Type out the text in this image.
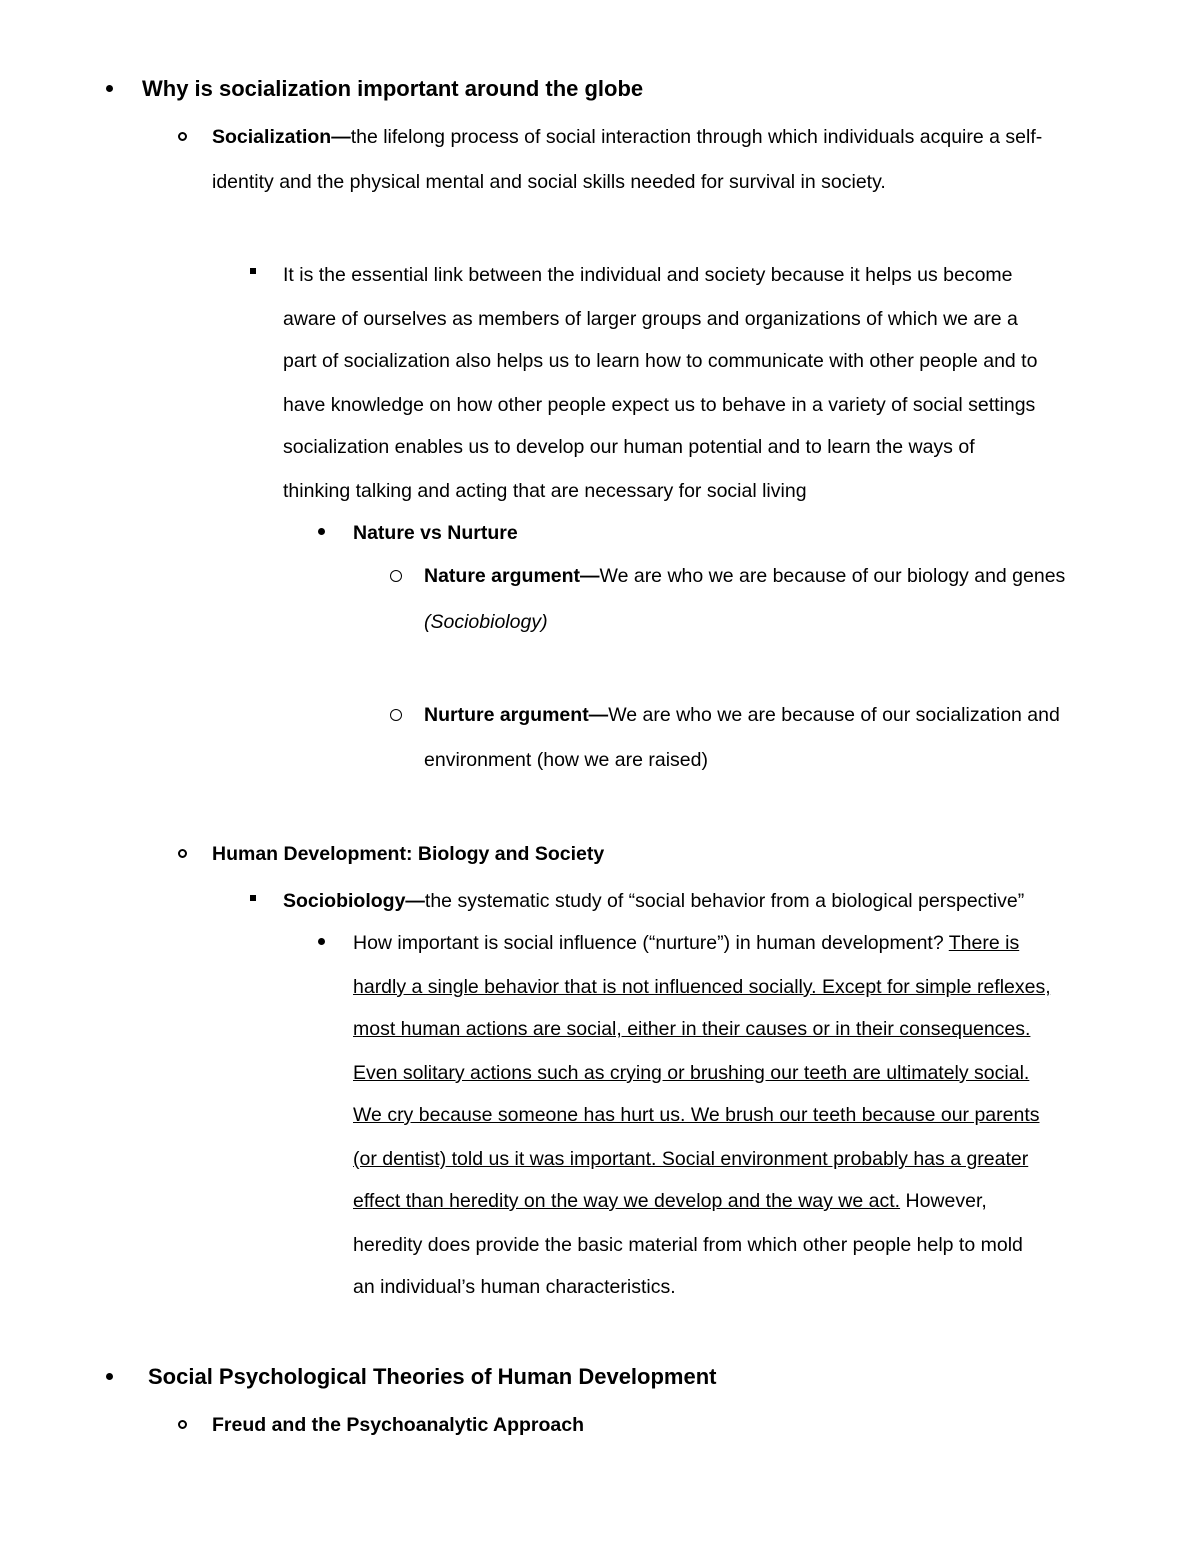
Why is socialization important around the globe
Socialization—the lifelong process of social interaction through which individuals acquire a self-
identity and the physical mental and social skills needed for survival in society.
It is the essential link between the individual and society because it helps us become
aware of ourselves as members of larger groups and organizations of which we are a
part of socialization also helps us to learn how to communicate with other people and to
have knowledge on how other people expect us to behave in a variety of social settings
socialization enables us to develop our human potential and to learn the ways of
thinking talking and acting that are necessary for social living
Nature vs Nurture
Nature argument—We are who we are because of our biology and genes
(Sociobiology)
Nurture argument—We are who we are because of our socialization and
environment (how we are raised)
Human Development: Biology and Society
Sociobiology—the systematic study of “social behavior from a biological perspective”
How important is social influence (“nurture”) in human development? There is
hardly a single behavior that is not influenced socially. Except for simple reflexes,
most human actions are social, either in their causes or in their consequences.
Even solitary actions such as crying or brushing our teeth are ultimately social.
We cry because someone has hurt us. We brush our teeth because our parents
(or dentist) told us it was important. Social environment probably has a greater
effect than heredity on the way we develop and the way we act. However,
heredity does provide the basic material from which other people help to mold
an individual’s human characteristics.
Social Psychological Theories of Human Development
Freud and the Psychoanalytic Approach
